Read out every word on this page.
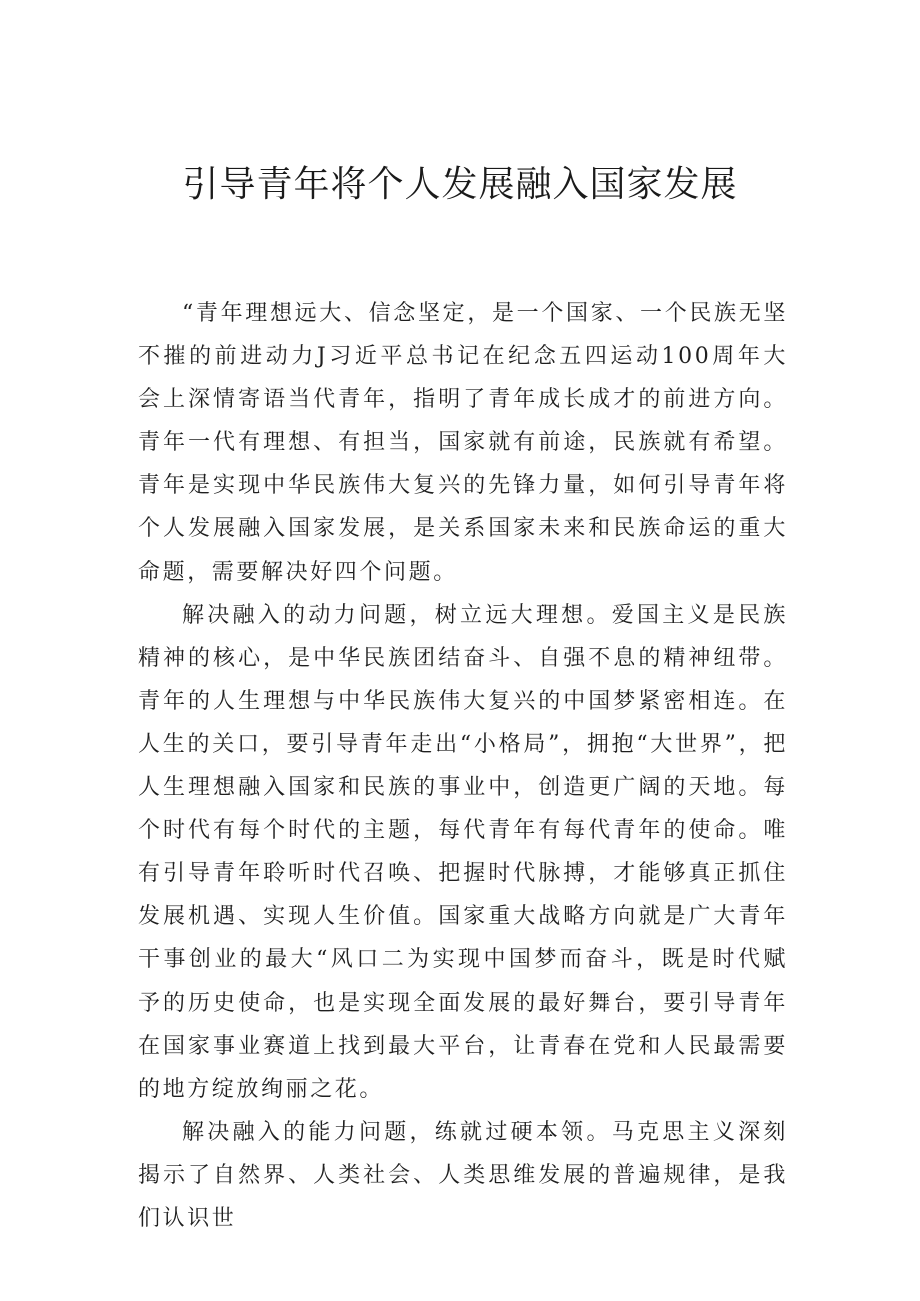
引导青年将个人发展融入国家发展

“青年理想远大、信念坚定，是一个国家、一个民族无坚不摧的前进动力J习近平总书记在纪念五四运动100周年大会上深情寄语当代青年，指明了青年成长成才的前进方向。青年一代有理想、有担当，国家就有前途，民族就有希望。青年是实现中华民族伟大复兴的先锋力量，如何引导青年将个人发展融入国家发展，是关系国家未来和民族命运的重大命题，需要解决好四个问题。

解决融入的动力问题，树立远大理想。爱国主义是民族精神的核心，是中华民族团结奋斗、自强不息的精神纽带。青年的人生理想与中华民族伟大复兴的中国梦紧密相连。在人生的关口，要引导青年走出“小格局”，拥抱“大世界”，把人生理想融入国家和民族的事业中，创造更广阔的天地。每个时代有每个时代的主题，每代青年有每代青年的使命。唯有引导青年聆听时代召唤、把握时代脉搏，才能够真正抓住发展机遇、实现人生价值。国家重大战略方向就是广大青年干事创业的最大“风口二为实现中国梦而奋斗，既是时代赋予的历史使命，也是实现全面发展的最好舞台，要引导青年在国家事业赛道上找到最大平台，让青春在党和人民最需要的地方绽放绚丽之花。

解决融入的能力问题，练就过硬本领。马克思主义深刻揭示了自然界、人类社会、人类思维发展的普遍规律，是我们认识世
